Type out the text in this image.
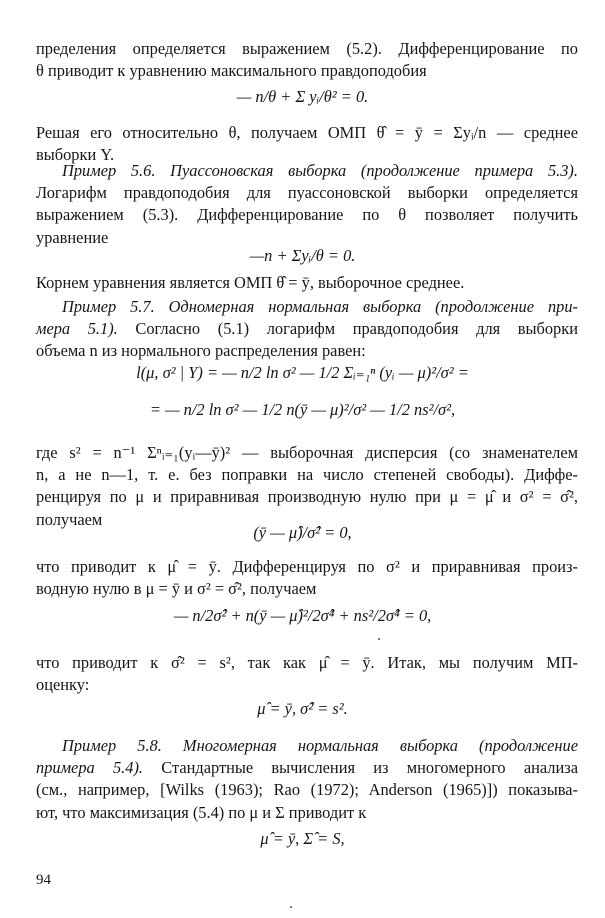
пределения определяется выражением (5.2). Дифференцирование по
θ приводит к уравнению максимального правдоподобия
— n/θ + Σ yᵢ/θ² = 0.
Решая его относительно θ, получаем ОМП θ̂ = ȳ = Σyᵢ/n — среднее
выборки Y.
Пример 5.6. Пуассоновская выборка (продолжение примера 5.3).
Логарифм правдоподобия для пуассоновской выборки определяется
выражением (5.3). Дифференцирование по θ позволяет получить
уравнение
—n + Σyᵢ/θ = 0.
Корнем уравнения является ОМП θ̂ = ȳ, выборочное среднее.
Пример 5.7. Одномерная нормальная выборка (продолжение при-
мера 5.1). Согласно (5.1) логарифм правдоподобия для выборки
объема n из нормального распределения равен:
l(μ, σ² | Y) = — n/2 ln σ² — 1/2 Σᵢ₌₁ⁿ (yᵢ — μ)²/σ² =
= — n/2 ln σ² — 1/2 n(ȳ — μ)²/σ² — 1/2 ns²/σ²,
где s² = n⁻¹ Σⁿᵢ₌₁(yᵢ—ȳ)² — выборочная дисперсия (со знаменателем
n, а не n—1, т. е. без поправки на число степеней свободы). Диффе-
ренцируя по μ и приравнивая производную нулю при μ = μ̂ и σ² = σ̂²,
получаем
(ȳ — μ̂)/σ̂² = 0,
что приводит к μ̂ = ȳ. Дифференцируя по σ² и приравнивая произ-
водную нулю в μ = ȳ и σ² = σ̂², получаем
— n/2σ̂² + n(ȳ — μ̂)²/2σ̂⁴ + ns²/2σ̂⁴ = 0,
что приводит к σ̂² = s², так как μ̂ = ȳ. Итак, мы получим МП-
оценку:
μ̂ = ȳ, σ̂² = s².
Пример 5.8. Многомерная нормальная выборка (продолжение
примера 5.4). Стандартные вычисления из многомерного анализа
(см., например, [Wilks (1963); Rao (1972); Anderson (1965)]) показыва-
ют, что максимизация (5.4) по μ и Σ приводит к
μ̂ = ȳ, Σ̂ = S,
94
